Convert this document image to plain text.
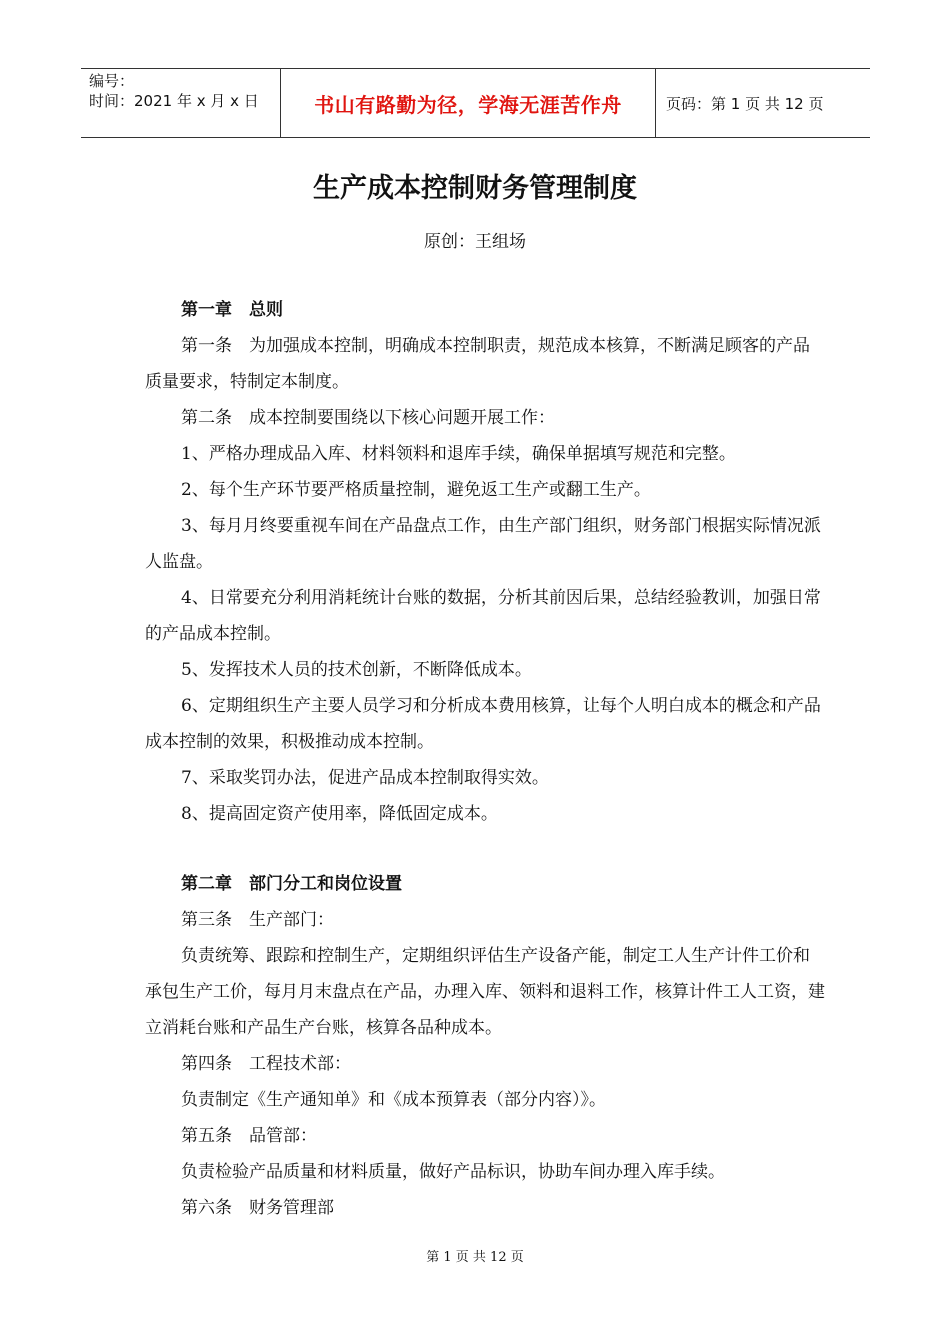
编号：
时间：2021 年 x 月 x 日	书山有路勤为径，学海无涯苦作舟	页码：第 1 页 共 12 页
生产成本控制财务管理制度
原创：王组场

第一章　总则

第一条　为加强成本控制，明确成本控制职责，规范成本核算，不断满足顾客的产品质量要求，特制定本制度。

第二条　成本控制要围绕以下核心问题开展工作：

1、严格办理成品入库、材料领料和退库手续，确保单据填写规范和完整。

2、每个生产环节要严格质量控制，避免返工生产或翻工生产。

3、每月月终要重视车间在产品盘点工作，由生产部门组织，财务部门根据实际情况派人监盘。

4、日常要充分利用消耗统计台账的数据，分析其前因后果，总结经验教训，加强日常的产品成本控制。

5、发挥技术人员的技术创新，不断降低成本。

6、定期组织生产主要人员学习和分析成本费用核算，让每个人明白成本的概念和产品成本控制的效果，积极推动成本控制。

7、采取奖罚办法，促进产品成本控制取得实效。

8、提高固定资产使用率，降低固定成本。

第二章　部门分工和岗位设置

第三条　生产部门：

负责统筹、跟踪和控制生产，定期组织评估生产设备产能，制定工人生产计件工价和承包生产工价，每月月末盘点在产品，办理入库、领料和退料工作，核算计件工人工资，建立消耗台账和产品生产台账，核算各品种成本。

第四条　工程技术部：

负责制定《生产通知单》和《成本预算表（部分内容）》。

第五条　品管部：

负责检验产品质量和材料质量，做好产品标识，协助车间办理入库手续。

第六条　财务管理部

第 1 页 共 12 页
